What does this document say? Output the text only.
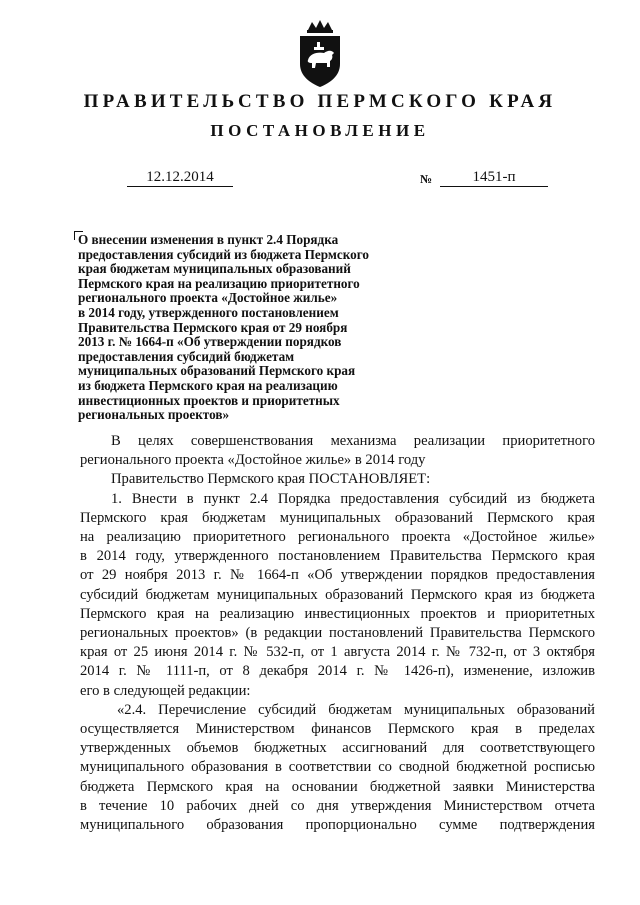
ПРАВИТЕЛЬСТВО ПЕРМСКОГО КРАЯ
ПОСТАНОВЛЕНИЕ
12.12.2014	№	1451-п
О внесении изменения в пункт 2.4 Порядка
предоставления субсидий из бюджета Пермского
края бюджетам муниципальных образований
Пермского края на реализацию приоритетного
регионального проекта «Достойное жилье»
в 2014 году, утвержденного постановлением
Правительства Пермского края от 29 ноября
2013 г. № 1664-п «Об утверждении порядков
предоставления субсидий бюджетам
муниципальных образований Пермского края
из бюджета Пермского края на реализацию
инвестиционных проектов и приоритетных
региональных проектов»
В целях совершенствования механизма реализации приоритетного
регионального проекта «Достойное жилье» в 2014 году
Правительство Пермского края ПОСТАНОВЛЯЕТ:
1. Внести в пункт 2.4 Порядка предоставления субсидий из бюджета
Пермского края бюджетам муниципальных образований Пермского края
на реализацию приоритетного регионального проекта «Достойное жилье»
в 2014 году, утвержденного постановлением Правительства Пермского края
от 29 ноября 2013 г. № 1664-п «Об утверждении порядков предоставления
субсидий бюджетам муниципальных образований Пермского края из бюджета
Пермского края на реализацию инвестиционных проектов и приоритетных
региональных проектов» (в редакции постановлений Правительства Пермского
края от 25 июня 2014 г. № 532-п, от 1 августа 2014 г. № 732-п, от 3 октября
2014 г. № 1111-п, от 8 декабря 2014 г. № 1426-п), изменение, изложив
его в следующей редакции:
«2.4. Перечисление субсидий бюджетам муниципальных образований
осуществляется Министерством финансов Пермского края в пределах
утвержденных объемов бюджетных ассигнований для соответствующего
муниципального образования в соответствии со сводной бюджетной росписью
бюджета Пермского края на основании бюджетной заявки Министерства
в течение 10 рабочих дней со дня утверждения Министерством отчета
муниципального образования пропорционально сумме подтверждения
